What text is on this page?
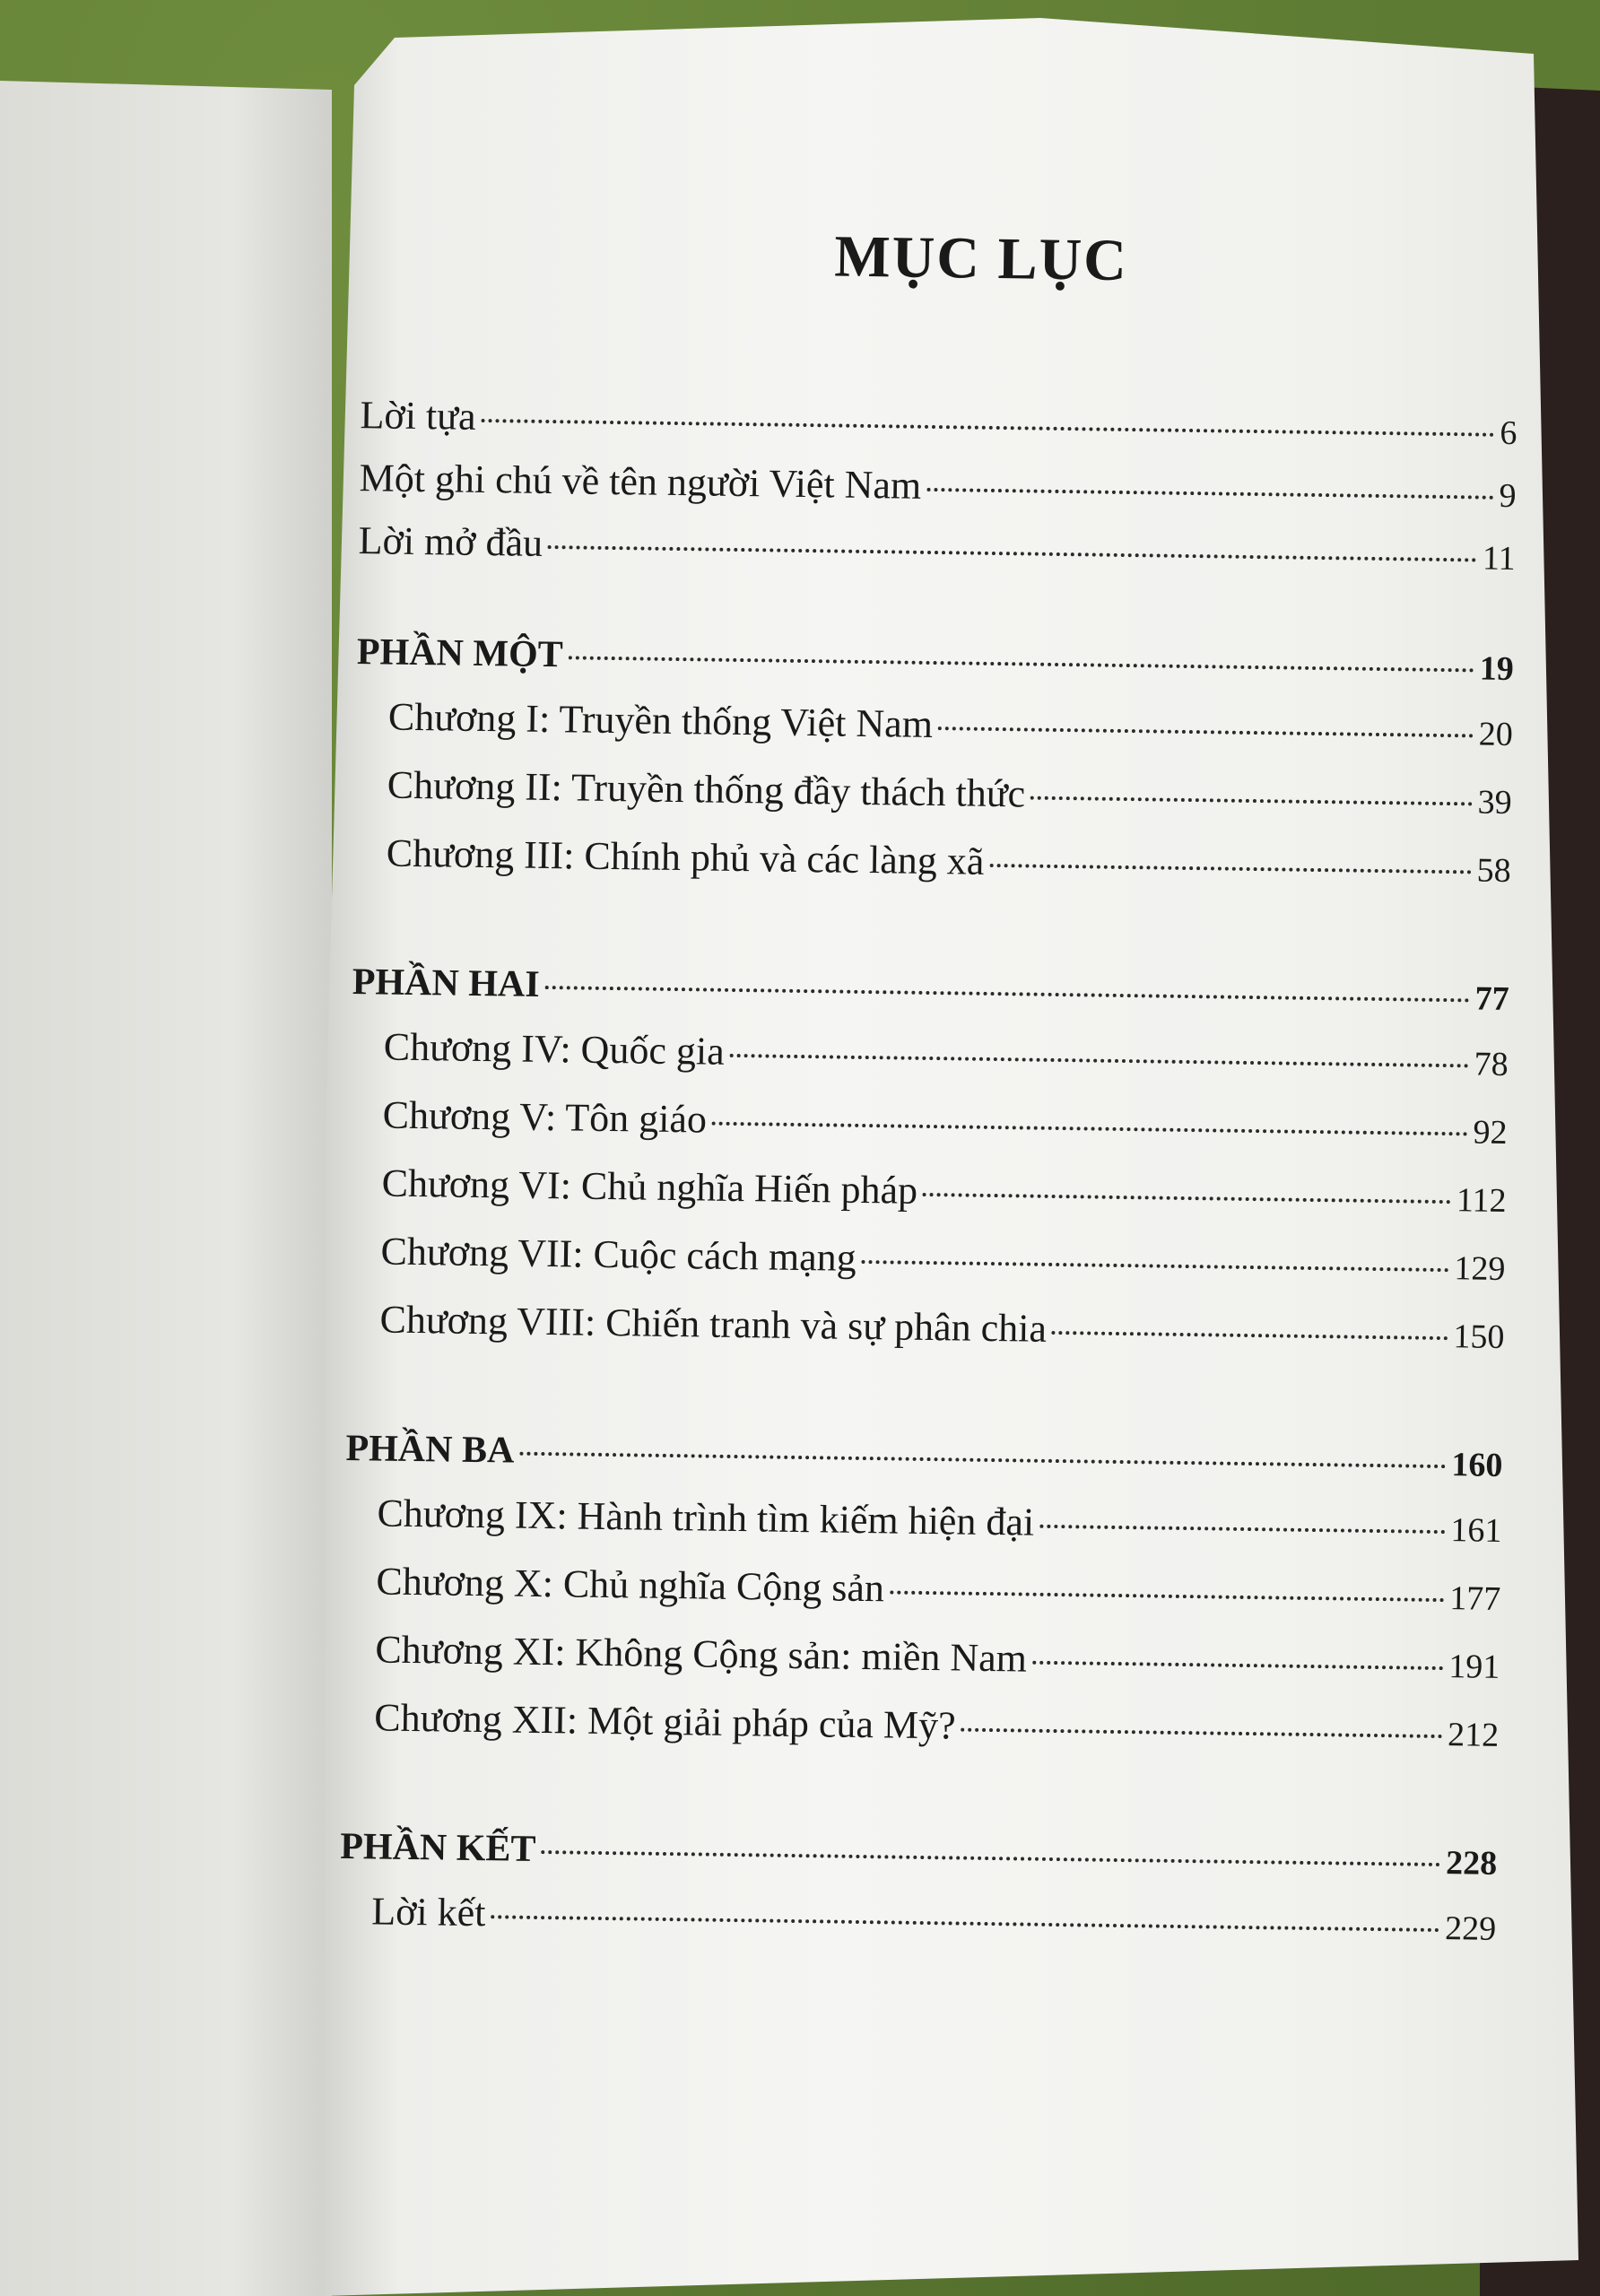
MỤC LỤC
Lời tựa	6
Một ghi chú về tên người Việt Nam	9
Lời mở đầu	11
PHẦN MỘT	19
Chương I: Truyền thống Việt Nam	20
Chương II: Truyền thống đầy thách thức	39
Chương III: Chính phủ và các làng xã	58
PHẦN HAI	77
Chương IV: Quốc gia	78
Chương V: Tôn giáo	92
Chương VI: Chủ nghĩa Hiến pháp	112
Chương VII: Cuộc cách mạng	129
Chương VIII: Chiến tranh và sự phân chia	150
PHẦN BA	160
Chương IX: Hành trình tìm kiếm hiện đại	161
Chương X: Chủ nghĩa Cộng sản	177
Chương XI: Không Cộng sản: miền Nam	191
Chương XII: Một giải pháp của Mỹ?	212
PHẦN KẾT	228
Lời kết	229
